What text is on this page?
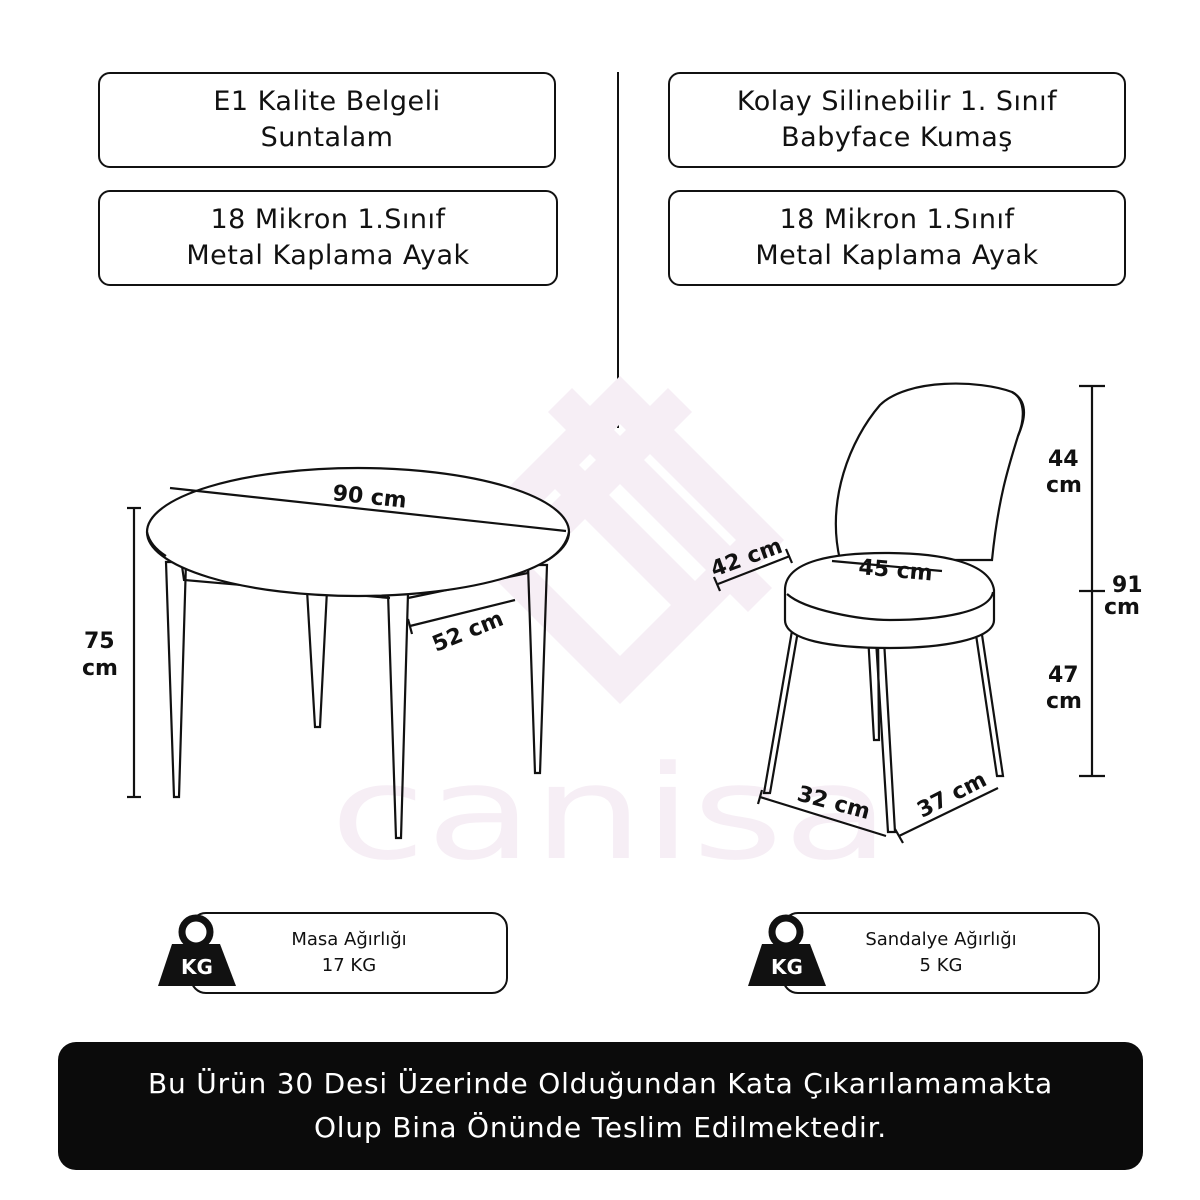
E1 Kalite Belgeli
Suntalam
18 Mikron 1.Sınıf
Metal Kaplama Ayak
Kolay Silinebilir 1. Sınıf
Babyface Kumaş
18 Mikron 1.Sınıf
Metal Kaplama Ayak
canisa
90 cm
75
cm
52 cm
44
cm
91
cm
47
cm
45 cm
42 cm
32 cm 37 cm
Masa Ağırlığı
17 KG
KG
Sandalye Ağırlığı
5 KG
KG
Bu Ürün 30 Desi Üzerinde Olduğundan Kata Çıkarılamamakta
Olup Bina Önünde Teslim Edilmektedir.
